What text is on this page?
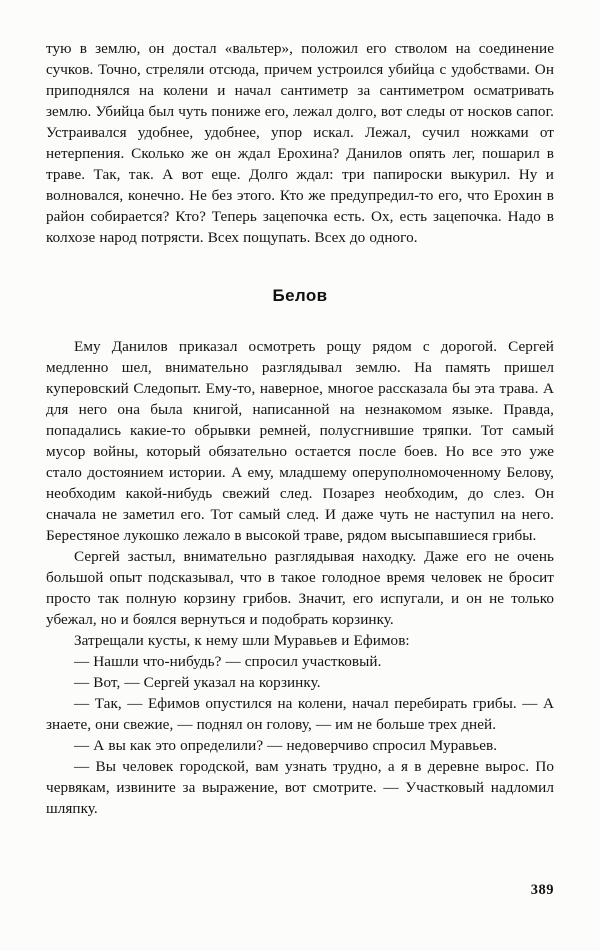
тую в землю, он достал «вальтер», положил его стволом на соединение сучков. Точно, стреляли отсюда, причем устроился убийца с удобствами. Он приподнялся на колени и начал сантиметр за сантиметром осматривать землю. Убийца был чуть пониже его, лежал долго, вот следы от носков сапог. Устраивался удобнее, удобнее, упор искал. Лежал, сучил ножками от нетерпения. Сколько же он ждал Ерохина? Данилов опять лег, пошарил в траве. Так, так. А вот еще. Долго ждал: три папироски выкурил. Ну и волновался, конечно. Не без этого. Кто же предупредил-то его, что Ерохин в район собирается? Кто? Теперь зацепочка есть. Ох, есть зацепочка. Надо в колхозе народ потрясти. Всех пощупать. Всех до одного.

Белов

Ему Данилов приказал осмотреть рощу рядом с дорогой. Сергей медленно шел, внимательно разглядывал землю. На память пришел куперовский Следопыт. Ему-то, наверное, многое рассказала бы эта трава. А для него она была книгой, написанной на незнакомом языке. Правда, попадались какие-то обрывки ремней, полусгнившие тряпки. Тот самый мусор войны, который обязательно остается после боев. Но все это уже стало достоянием истории. А ему, младшему оперуполномоченному Белову, необходим какой-нибудь свежий след. Позарез необходим, до слез. Он сначала не заметил его. Тот самый след. И даже чуть не наступил на него. Берестяное лукошко лежало в высокой траве, рядом высыпавшиеся грибы.

Сергей застыл, внимательно разглядывая находку. Даже его не очень большой опыт подсказывал, что в такое голодное время человек не бросит просто так полную корзину грибов. Значит, его испугали, и он не только убежал, но и боялся вернуться и подобрать корзинку.

Затрещали кусты, к нему шли Муравьев и Ефимов:

— Нашли что-нибудь? — спросил участковый.

— Вот, — Сергей указал на корзинку.

— Так, — Ефимов опустился на колени, начал перебирать грибы. — А знаете, они свежие, — поднял он голову, — им не больше трех дней.

— А вы как это определили? — недоверчиво спросил Муравьев.

— Вы человек городской, вам узнать трудно, а я в деревне вырос. По червякам, извините за выражение, вот смотрите. — Участковый надломил шляпку.

389
